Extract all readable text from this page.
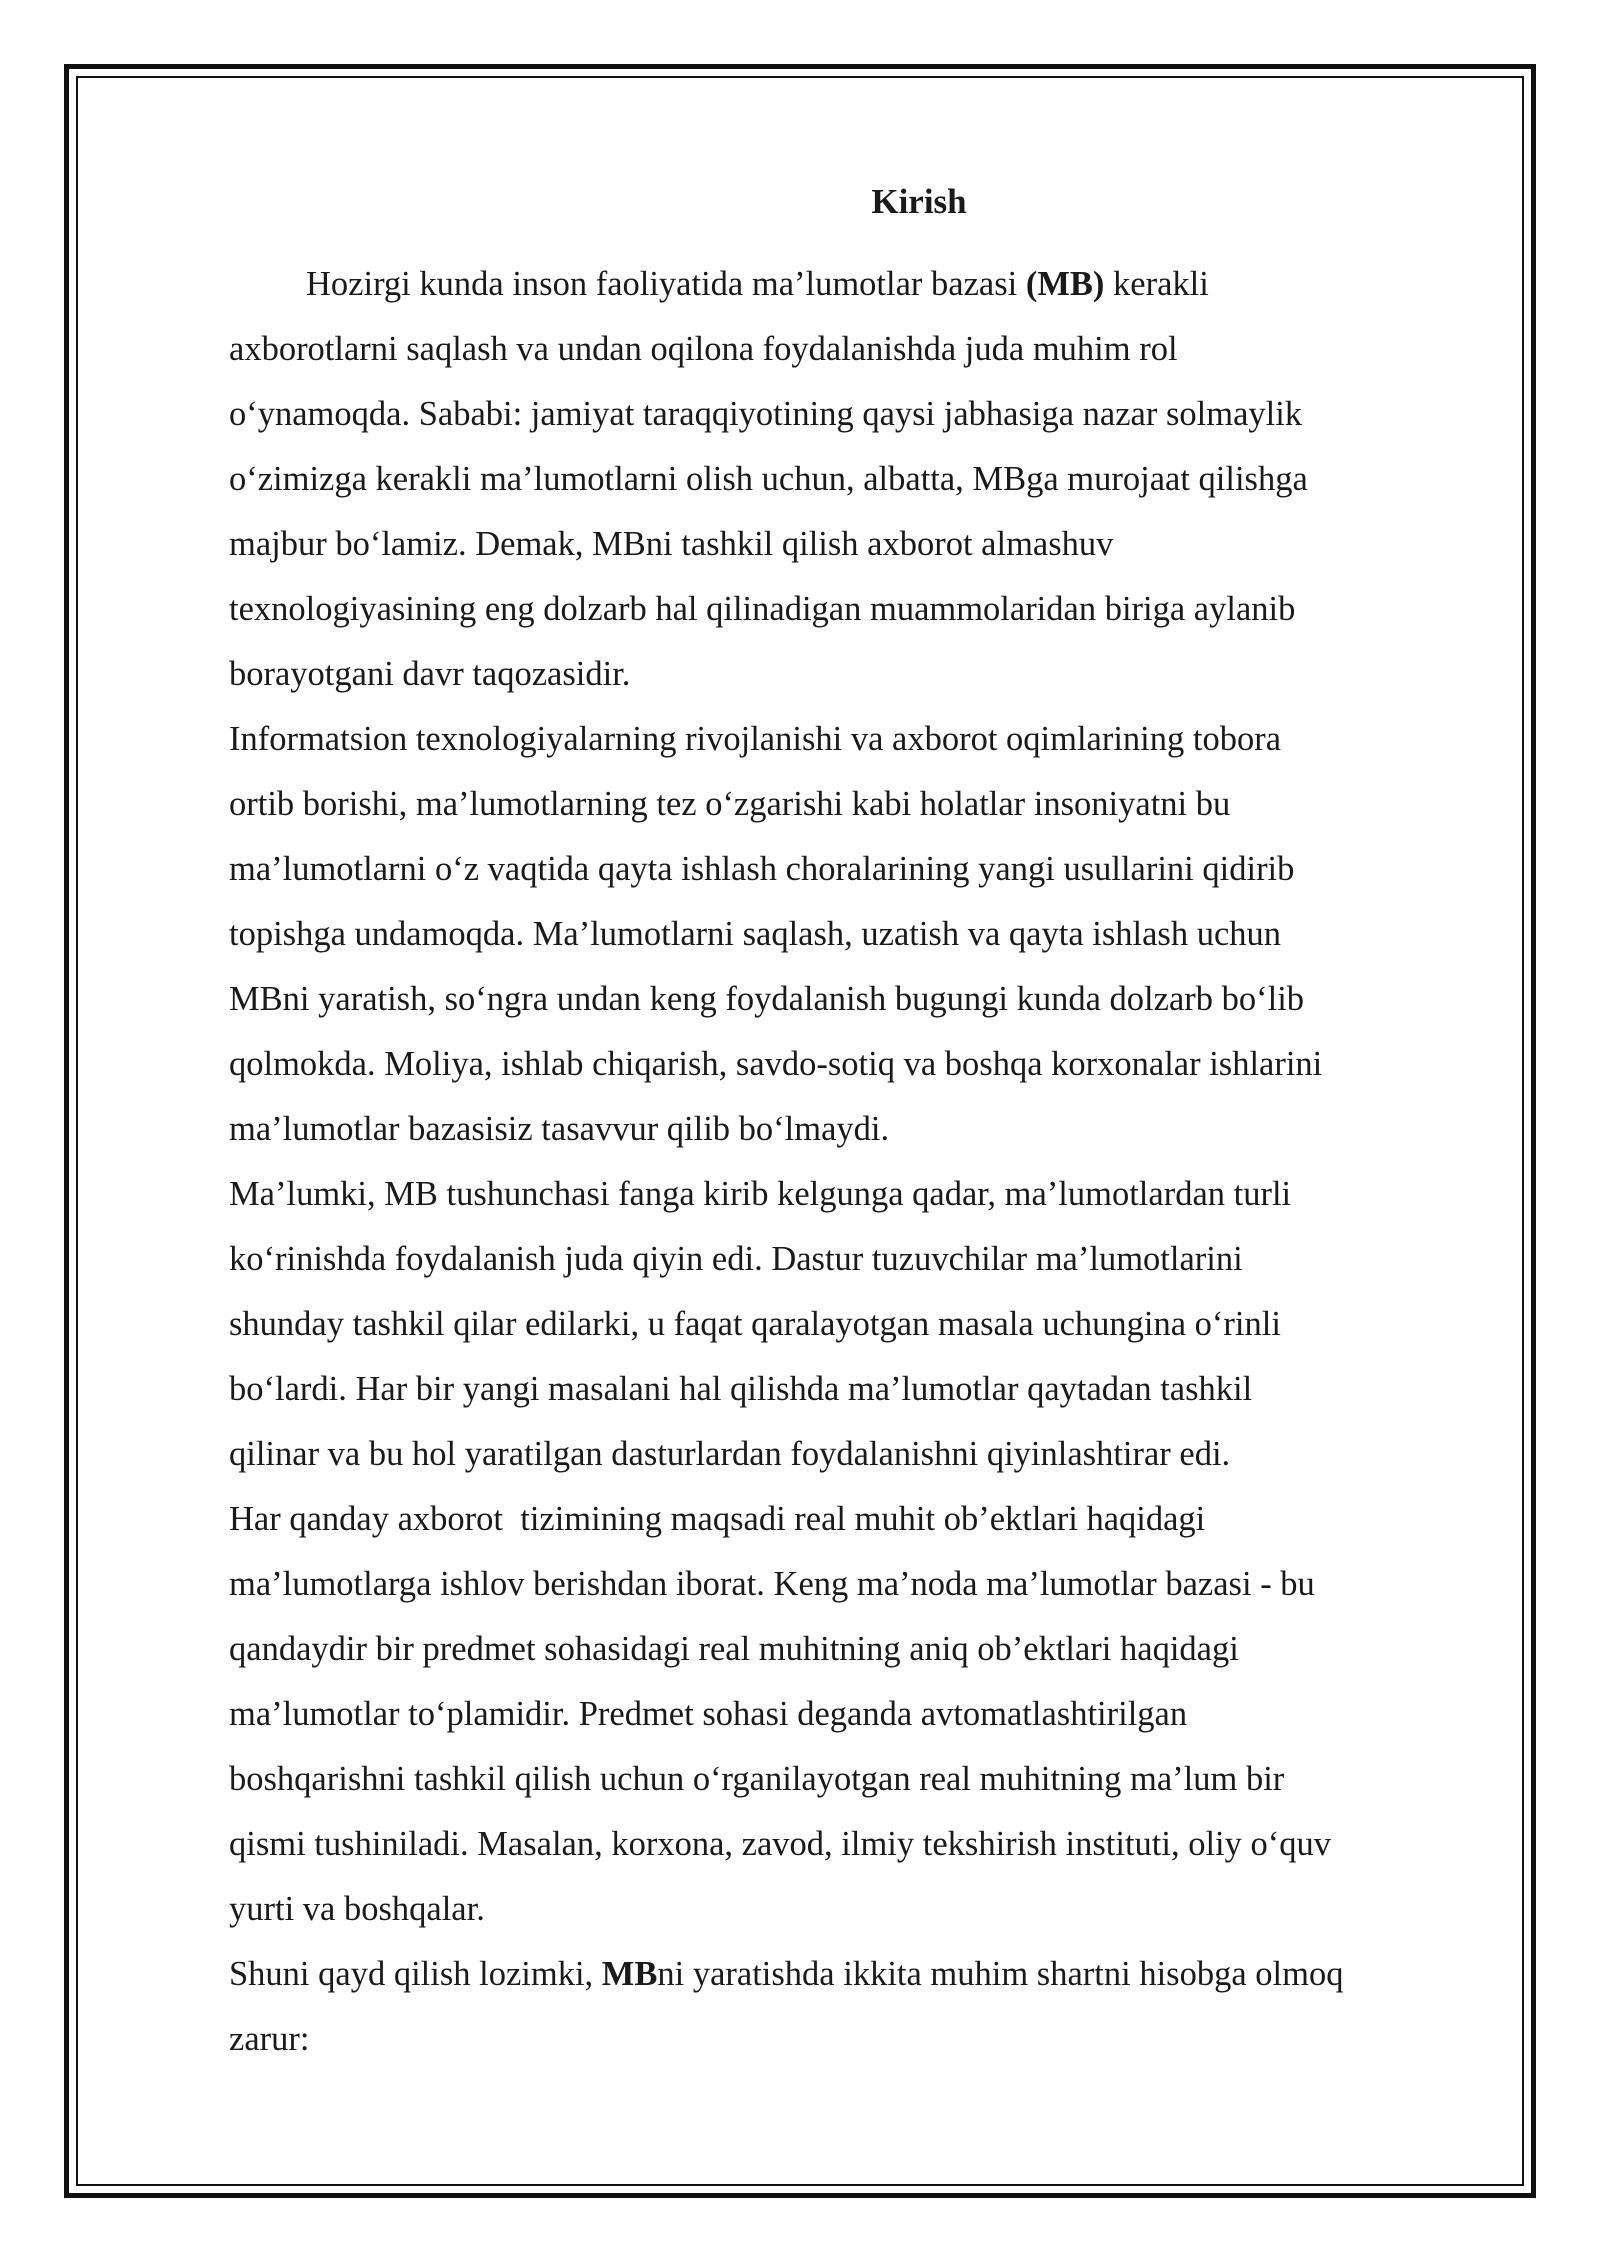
Kirish

Hozirgi kunda inson faoliyatida ma’lumotlar bazasi (MB) kerakli
axborotlarni saqlash va undan oqilona foydalanishda juda muhim rol
o‘ynamoqda. Sababi: jamiyat taraqqiyotining qaysi jabhasiga nazar solmaylik
o‘zimizga kerakli ma’lumotlarni olish uchun, albatta, MBga murojaat qilishga
majbur bo‘lamiz. Demak, MBni tashkil qilish axborot almashuv
texnologiyasining eng dolzarb hal qilinadigan muammolaridan biriga aylanib
borayotgani davr taqozasidir.

Informatsion texnologiyalarning rivojlanishi va axborot oqimlarining tobora
ortib borishi, ma’lumotlarning tez o‘zgarishi kabi holatlar insoniyatni bu
ma’lumotlarni o‘z vaqtida qayta ishlash choralarining yangi usullarini qidirib
topishga undamoqda. Ma’lumotlarni saqlash, uzatish va qayta ishlash uchun
MBni yaratish, so‘ngra undan keng foydalanish bugungi kunda dolzarb bo‘lib
qolmokda. Moliya, ishlab chiqarish, savdo-sotiq va boshqa korxonalar ishlarini
ma’lumotlar bazasisiz tasavvur qilib bo‘lmaydi.

Ma’lumki, MB tushunchasi fanga kirib kelgunga qadar, ma’lumotlardan turli
ko‘rinishda foydalanish juda qiyin edi. Dastur tuzuvchilar ma’lumotlarini
shunday tashkil qilar edilarki, u faqat qaralayotgan masala uchungina o‘rinli
bo‘lardi. Har bir yangi masalani hal qilishda ma’lumotlar qaytadan tashkil
qilinar va bu hol yaratilgan dasturlardan foydalanishni qiyinlashtirar edi.

Har qanday axborot  tizimining maqsadi real muhit ob’ektlari haqidagi
ma’lumotlarga ishlov berishdan iborat. Keng ma’noda ma’lumotlar bazasi - bu
qandaydir bir predmet sohasidagi real muhitning aniq ob’ektlari haqidagi
ma’lumotlar to‘plamidir. Predmet sohasi deganda avtomatlashtirilgan
boshqarishni tashkil qilish uchun o‘rganilayotgan real muhitning ma’lum bir
qismi tushiniladi. Masalan, korxona, zavod, ilmiy tekshirish instituti, oliy o‘quv
yurti va boshqalar.

Shuni qayd qilish lozimki, MBni yaratishda ikkita muhim shartni hisobga olmoq
zarur:
